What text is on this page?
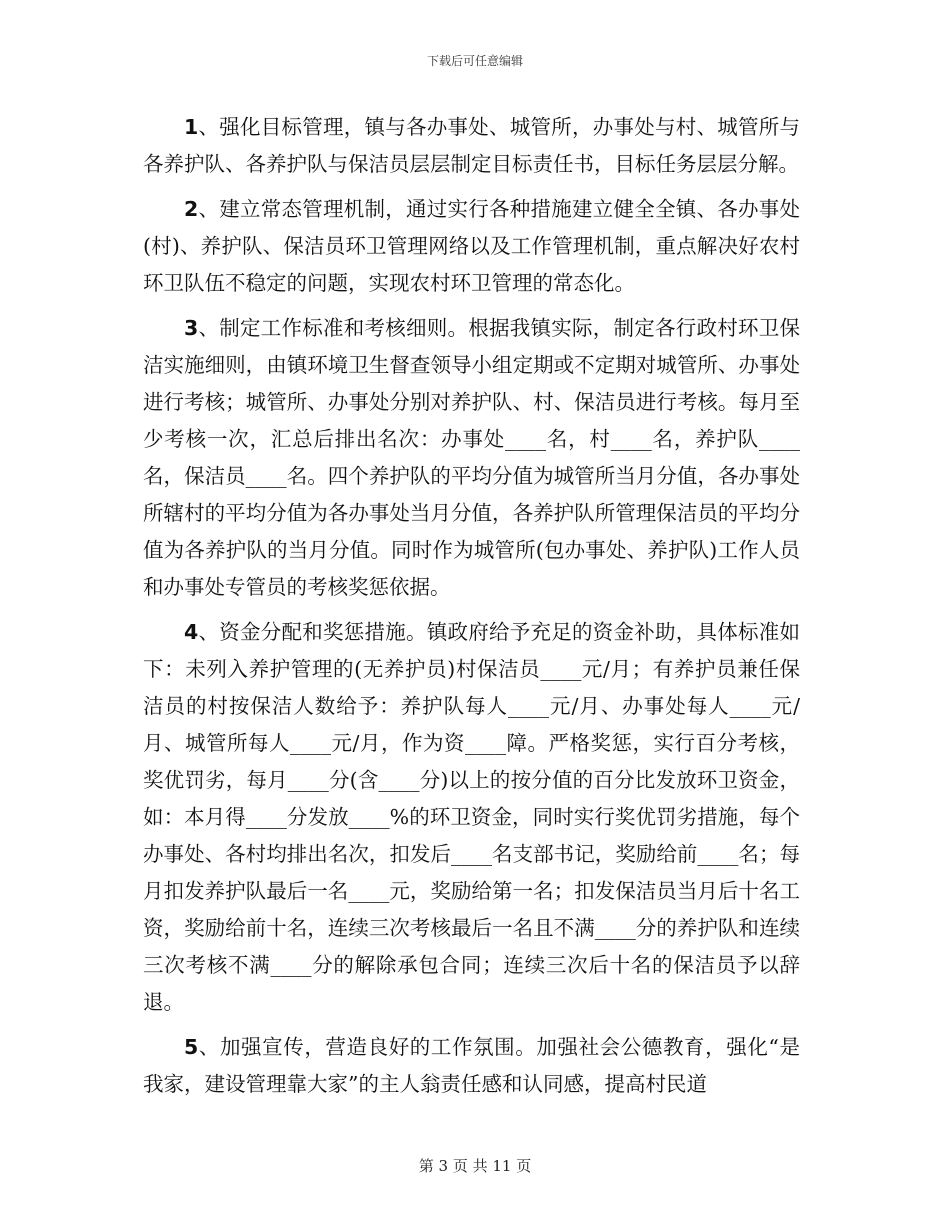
下载后可任意编辑

1、强化目标管理，镇与各办事处、城管所，办事处与村、城管所与各养护队、各养护队与保洁员层层制定目标责任书，目标任务层层分解。

2、建立常态管理机制，通过实行各种措施建立健全全镇、各办事处(村)、养护队、保洁员环卫管理网络以及工作管理机制，重点解决好农村环卫队伍不稳定的问题，实现农村环卫管理的常态化。

3、制定工作标准和考核细则。根据我镇实际，制定各行政村环卫保洁实施细则，由镇环境卫生督查领导小组定期或不定期对城管所、办事处进行考核；城管所、办事处分别对养护队、村、保洁员进行考核。每月至少考核一次，汇总后排出名次：办事处____名，村____名，养护队____名，保洁员____名。四个养护队的平均分值为城管所当月分值，各办事处所辖村的平均分值为各办事处当月分值，各养护队所管理保洁员的平均分值为各养护队的当月分值。同时作为城管所(包办事处、养护队)工作人员和办事处专管员的考核奖惩依据。

4、资金分配和奖惩措施。镇政府给予充足的资金补助，具体标准如下：未列入养护管理的(无养护员)村保洁员____元/月；有养护员兼任保洁员的村按保洁人数给予：养护队每人____元/月、办事处每人____元/月、城管所每人____元/月，作为资____障。严格奖惩，实行百分考核，奖优罚劣，每月____分(含____分)以上的按分值的百分比发放环卫资金，如：本月得____分发放____%的环卫资金，同时实行奖优罚劣措施，每个办事处、各村均排出名次，扣发后____名支部书记，奖励给前____名；每月扣发养护队最后一名____元，奖励给第一名；扣发保洁员当月后十名工资，奖励给前十名，连续三次考核最后一名且不满____分的养护队和连续三次考核不满____分的解除承包合同；连续三次后十名的保洁员予以辞退。

5、加强宣传，营造良好的工作氛围。加强社会公德教育，强化“是我家，建设管理靠大家”的主人翁责任感和认同感，提高村民道

第 3 页 共 11 页
